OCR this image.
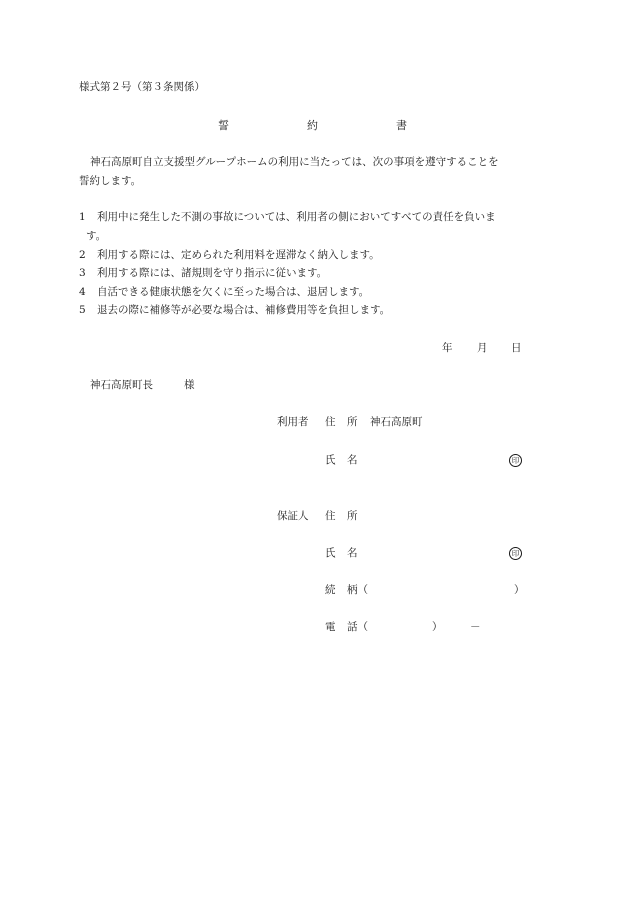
様式第２号（第３条関係）
誓	約	書
神石高原町自立支援型グループホームの利用に当たっては、次の事項を遵守することを
誓約します。
1 利用中に発生した不測の事故については、利用者の側においてすべての責任を負いま
す。
2 利用する際には、定められた利用料を遅滞なく納入します。
3 利用する際には、諸規則を守り指示に従います。
4 自活できる健康状態を欠くに至った場合は、退居します。
5 退去の際に補修等が必要な場合は、補修費用等を負担します。
年 月 日
神石高原町長	様
利用者 住 所 神石高原町
氏 名	印
保証人 住 所
氏 名	印
続 柄（	）
電 話（	）	－
